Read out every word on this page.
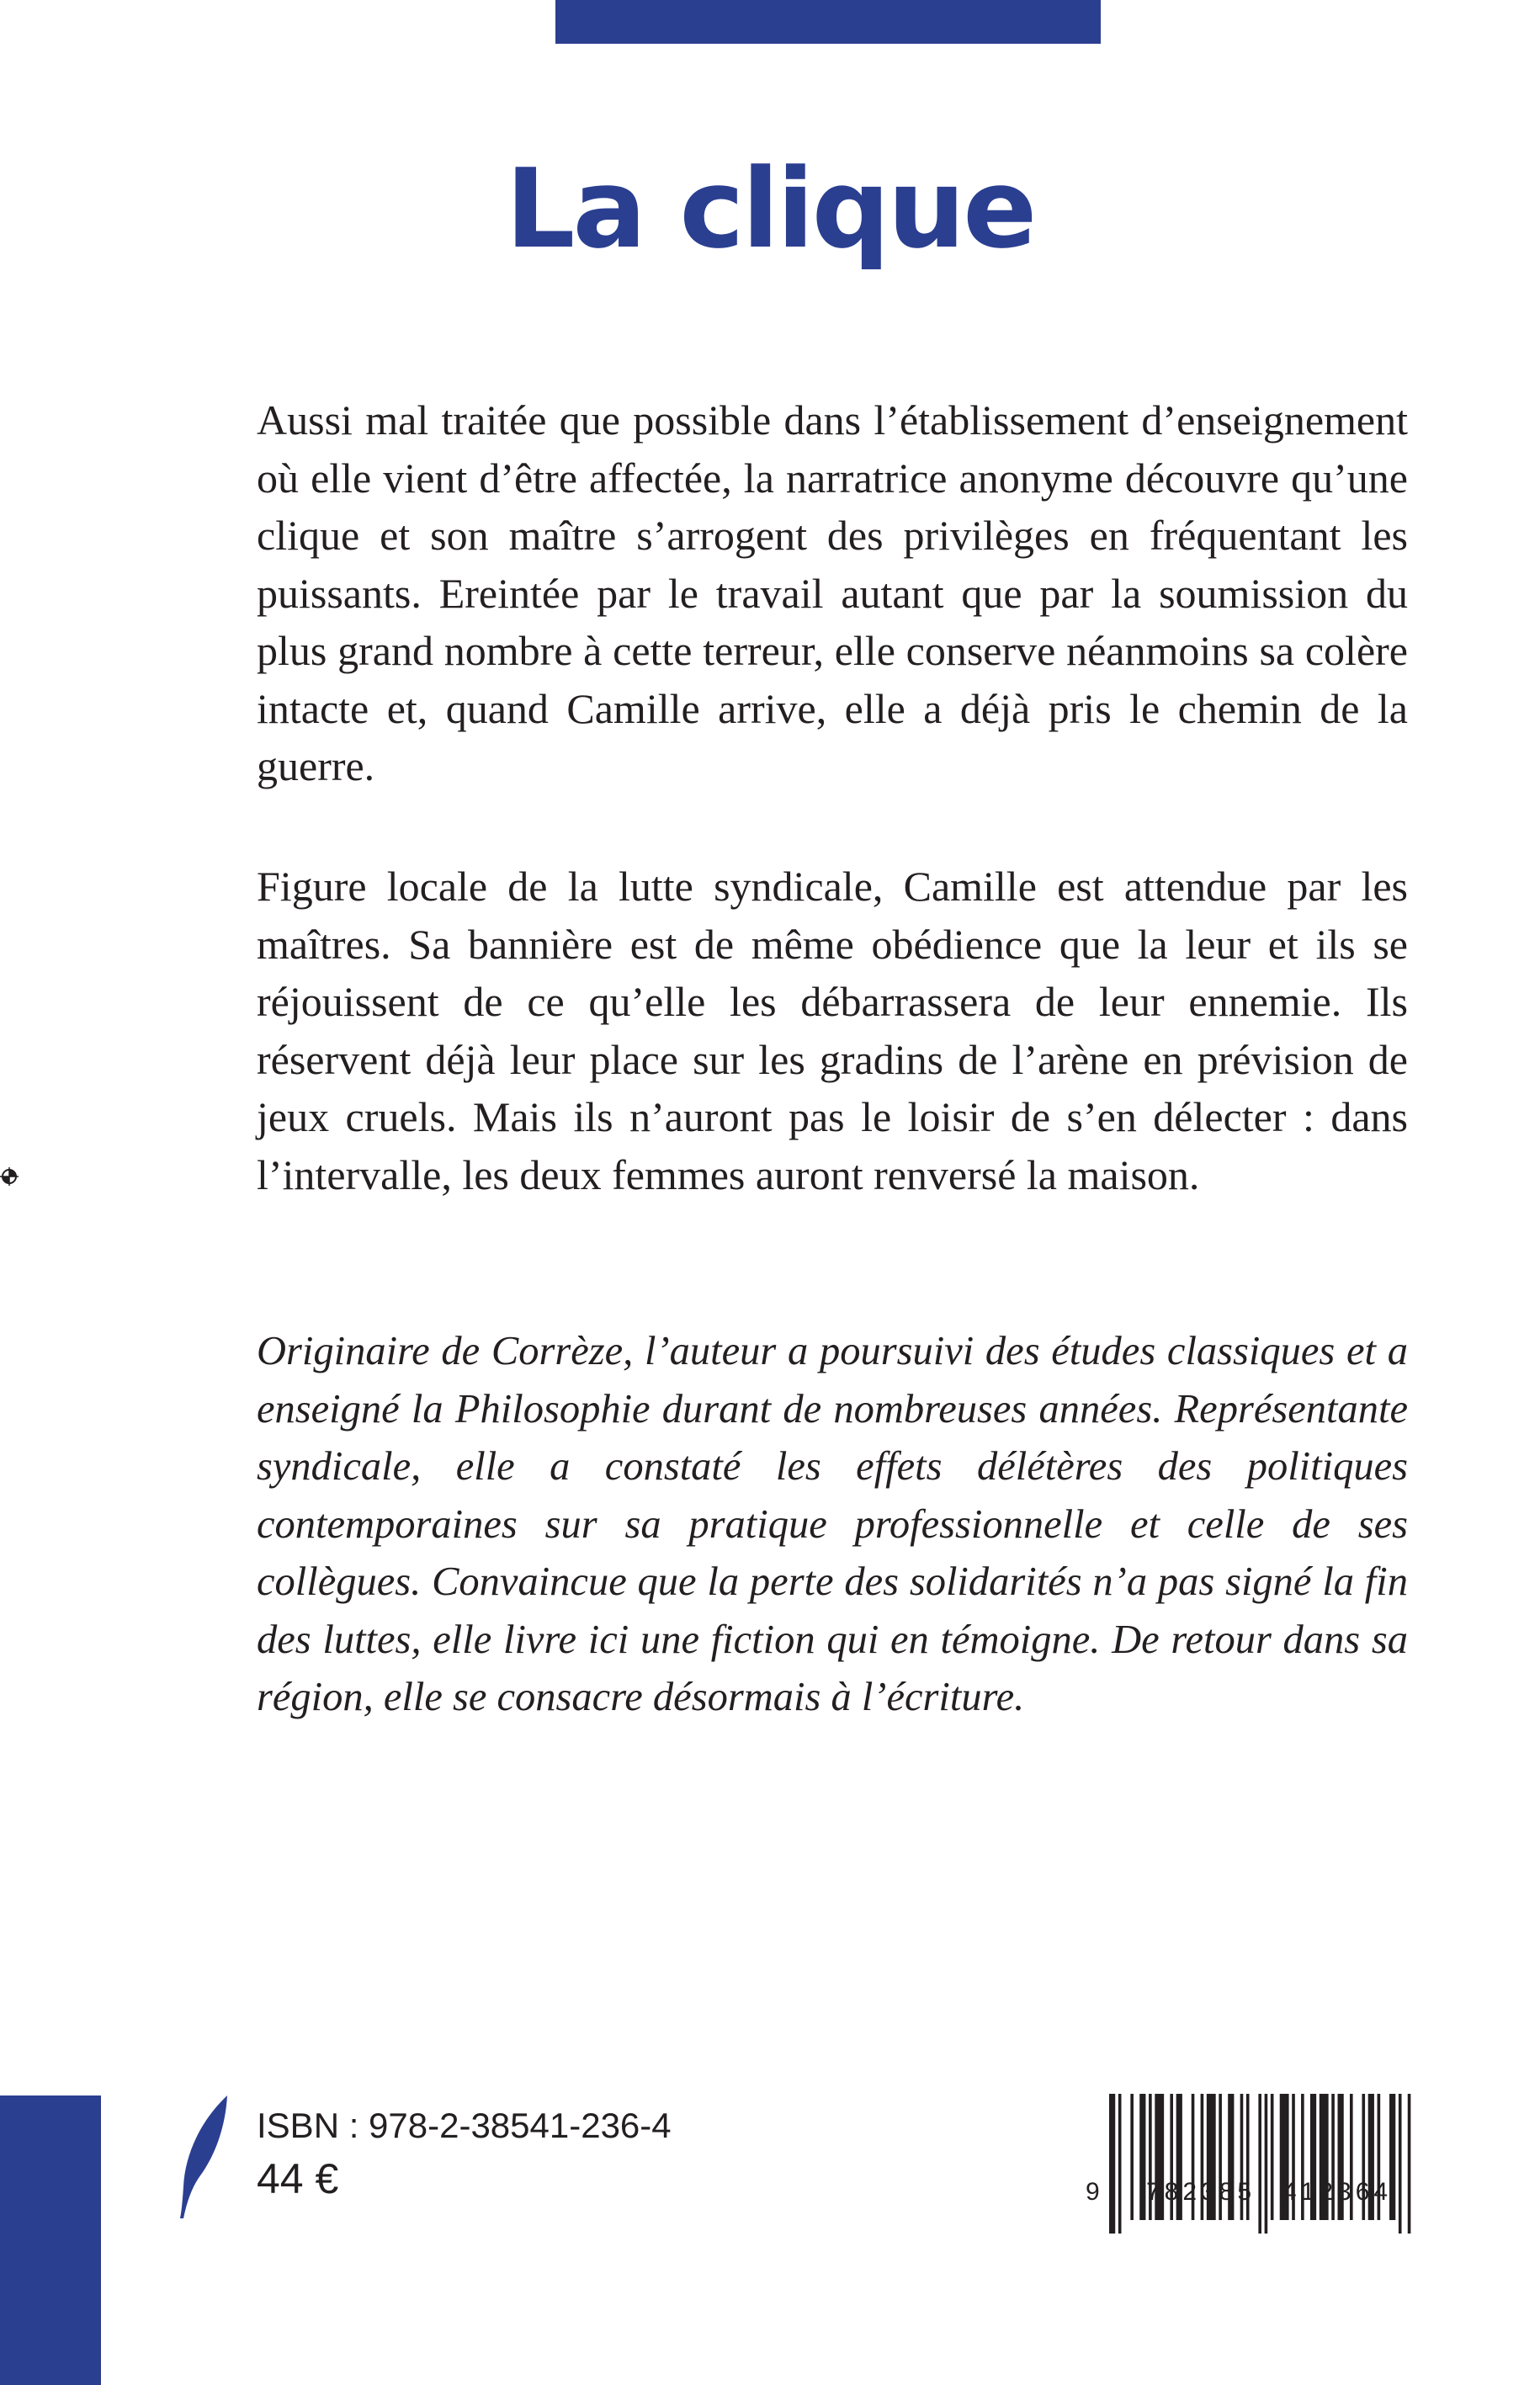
La clique

Aussi mal traitée que possible dans l’établissement d’enseignement où elle vient d’être affectée, la narratrice anonyme découvre qu’une clique et son maître s’arrogent des privilèges en fréquentant les puissants. Ereintée par le travail autant que par la soumission du plus grand nombre à cette terreur, elle conserve néanmoins sa colère intacte et, quand Camille arrive, elle a déjà pris le chemin de la guerre.

Figure locale de la lutte syndicale, Camille est attendue par les maîtres. Sa bannière est de même obédience que la leur et ils se réjouissent de ce qu’elle les débarrassera de leur ennemie. Ils réservent déjà leur place sur les gradins de l’arène en prévision de jeux cruels. Mais ils n’auront pas le loisir de s’en délecter : dans l’intervalle, les deux femmes auront renversé la maison.

Originaire de Corrèze, l’auteur a poursuivi des études classiques et a enseigné la Philosophie durant de nombreuses années. Représentante syndicale, elle a constaté les effets délétères des politiques contemporaines sur sa pratique professionnelle et celle de ses collègues. Convaincue que la perte des solidarités n’a pas signé la fin des luttes, elle livre ici une fiction qui en témoigne. De retour dans sa région, elle se consacre désormais à l’écriture.

ISBN : 978-2-38541-236-4

44 €	9 782385 412364
